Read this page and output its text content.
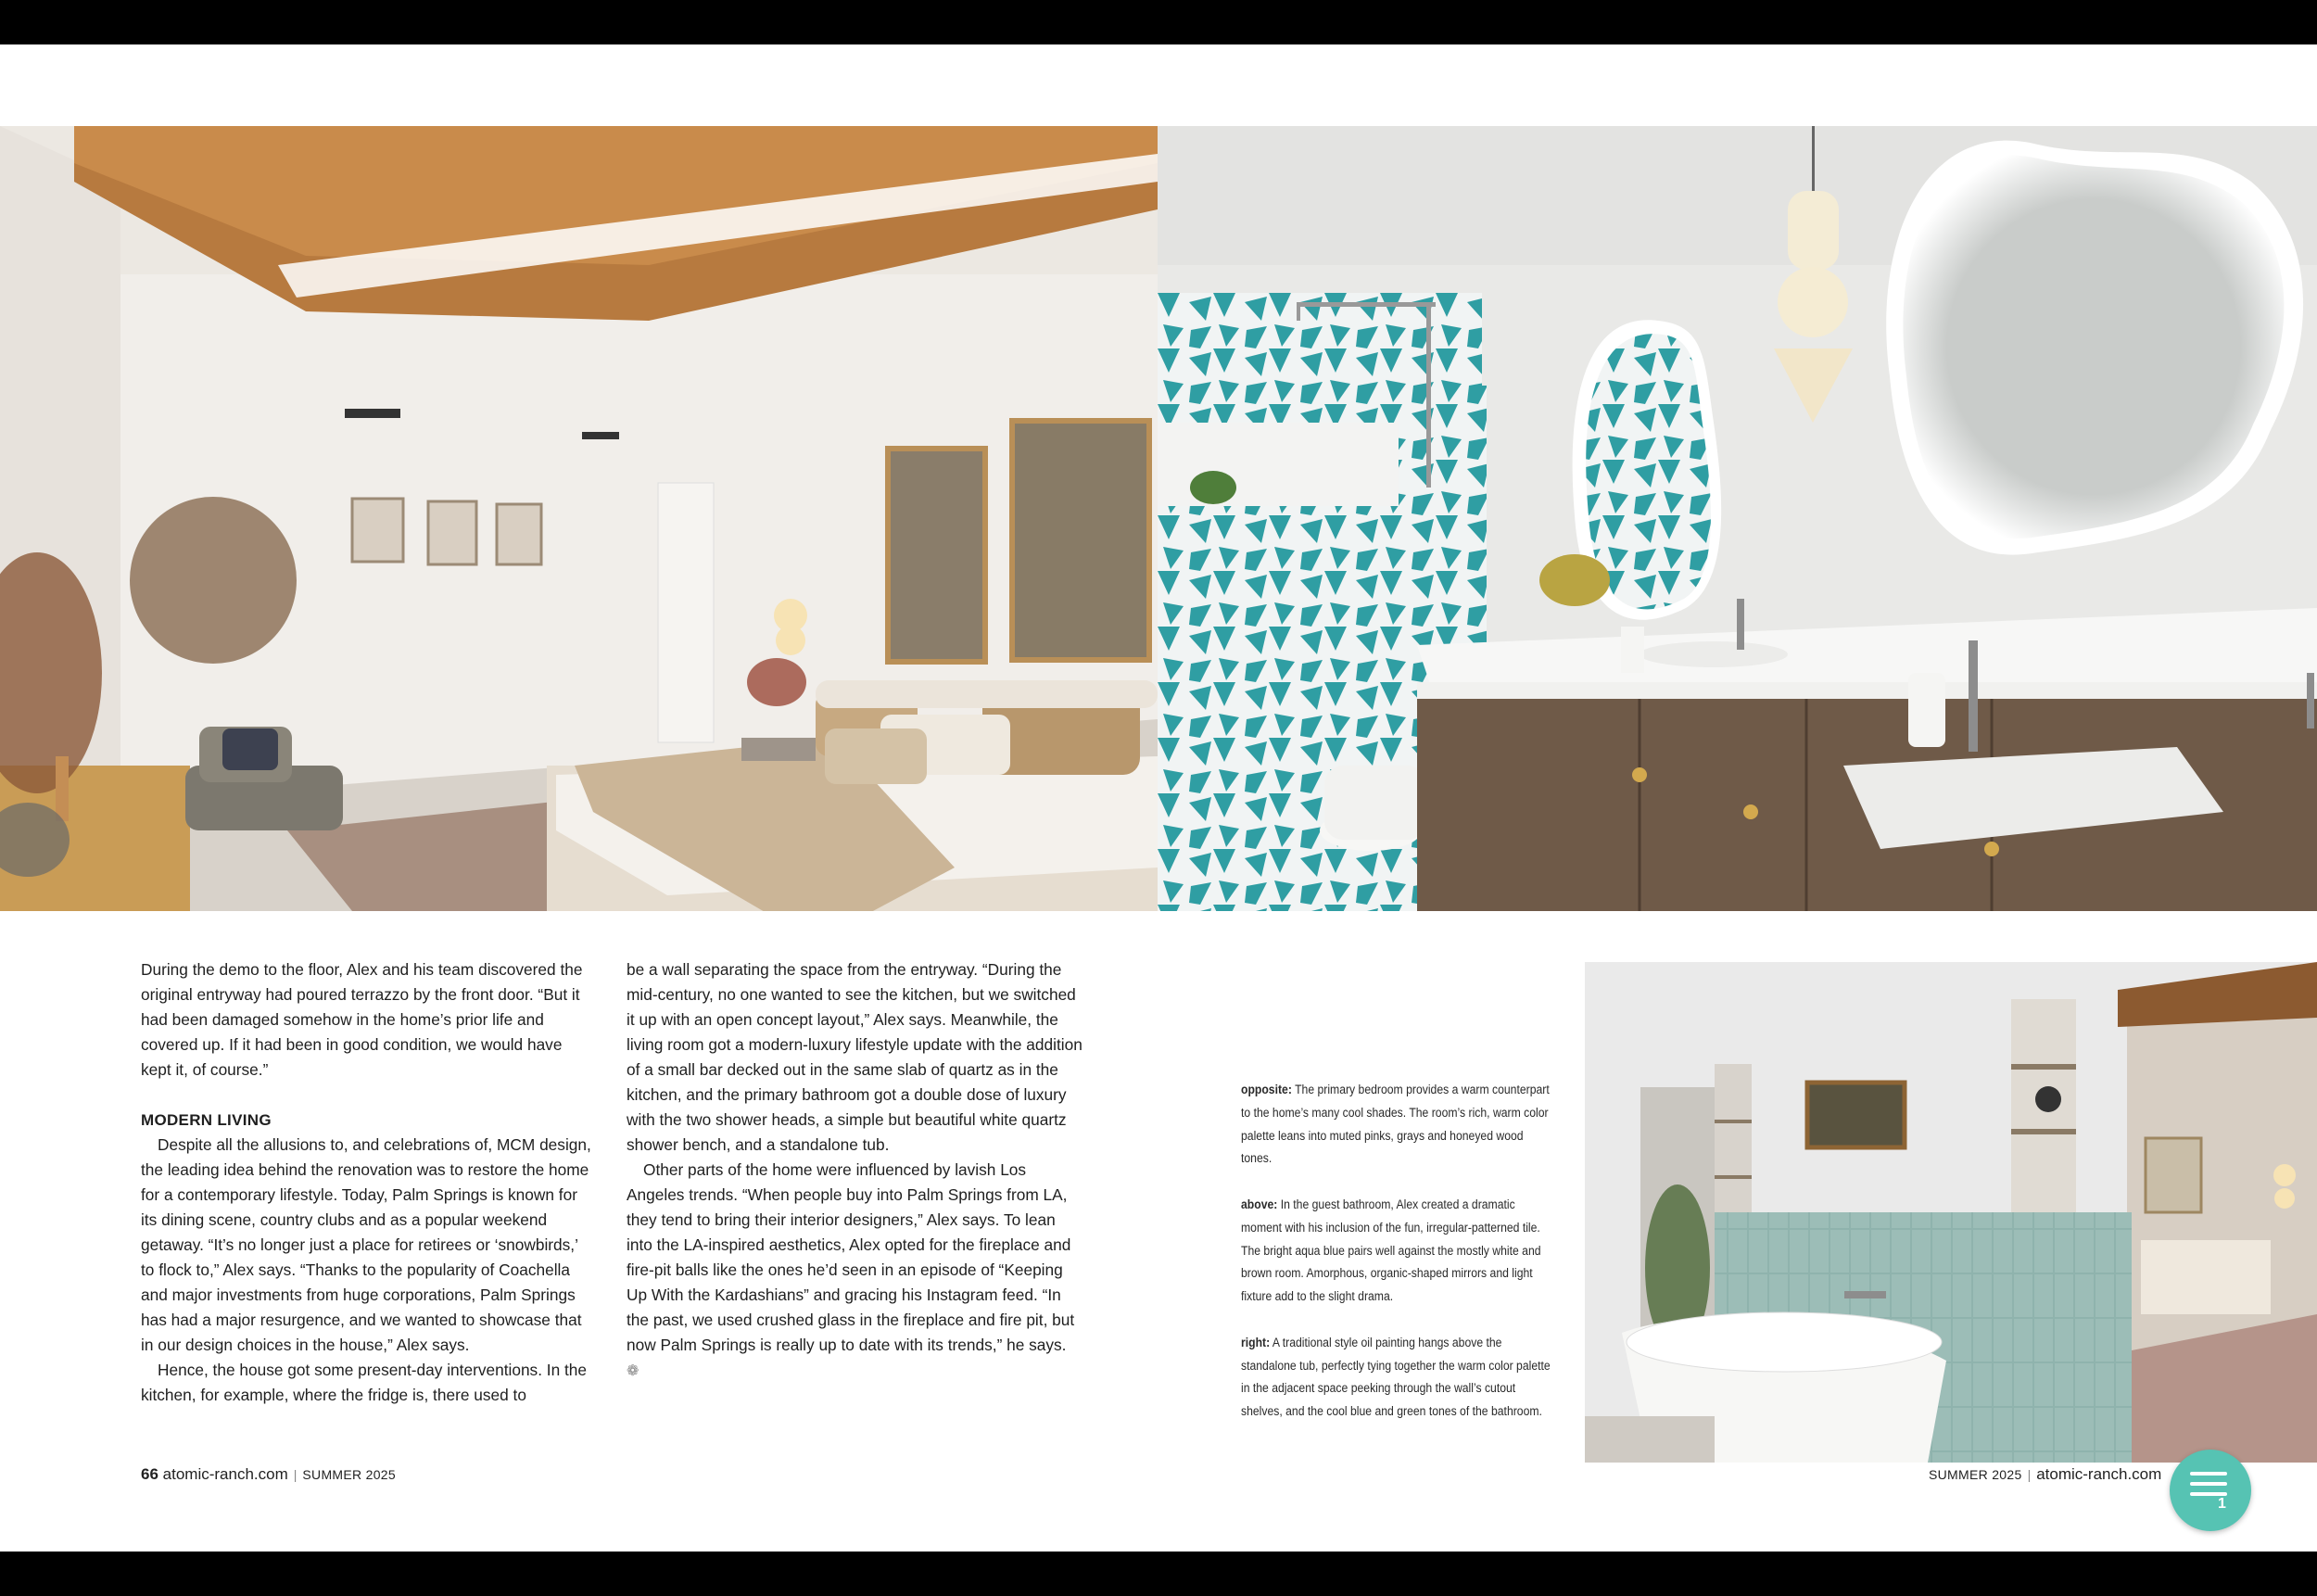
During the demo to the floor, Alex and his team discovered the original entryway had poured terrazzo by the front door. “But it had been damaged somehow in the home’s prior life and covered up. If it had been in good condition, we would have kept it, of course.”

MODERN LIVING

Despite all the allusions to, and celebrations of, MCM design, the leading idea behind the renovation was to restore the home for a contemporary lifestyle. Today, Palm Springs is known for its dining scene, country clubs and as a popular weekend getaway. “It’s no longer just a place for retirees or ‘snowbirds,’ to flock to,” Alex says. “Thanks to the popularity of Coachella and major investments from huge corporations, Palm Springs has had a major resurgence, and we wanted to showcase that in our design choices in the house,” Alex says.

Hence, the house got some present-day interventions. In the kitchen, for example, where the fridge is, there used to

be a wall separating the space from the entryway. “During the mid-century, no one wanted to see the kitchen, but we switched it up with an open concept layout,” Alex says. Meanwhile, the living room got a modern-luxury lifestyle update with the addition of a small bar decked out in the same slab of quartz as in the kitchen, and the primary bathroom got a double dose of luxury with the two shower heads, a simple but beautiful white quartz shower bench, and a standalone tub.

Other parts of the home were influenced by lavish Los Angeles trends. “When people buy into Palm Springs from LA, they tend to bring their interior designers,” Alex says. To lean into the LA-inspired aesthetics, Alex opted for the fireplace and fire-pit balls like the ones he’d seen in an episode of “Keeping Up With the Kardashians” and gracing his Instagram feed. “In the past, we used crushed glass in the fireplace and fire pit, but now Palm Springs is really up to date with its trends,” he says. ❁

opposite: The primary bedroom provides a warm counterpart to the home’s many cool shades. The room’s rich, warm color palette leans into muted pinks, grays and honeyed wood tones.

above: In the guest bathroom, Alex created a dramatic moment with his inclusion of the fun, irregular-patterned tile. The bright aqua blue pairs well against the mostly white and brown room. Amorphous, organic-shaped mirrors and light fixture add to the slight drama.

right: A traditional style oil painting hangs above the standalone tub, perfectly tying together the warm color palette in the adjacent space peeking through the wall’s cutout shelves, and the cool blue and green tones of the bathroom.

66 atomic-ranch.com | SUMMER 2025	SUMMER 2025 | atomic-ranch.com
1
